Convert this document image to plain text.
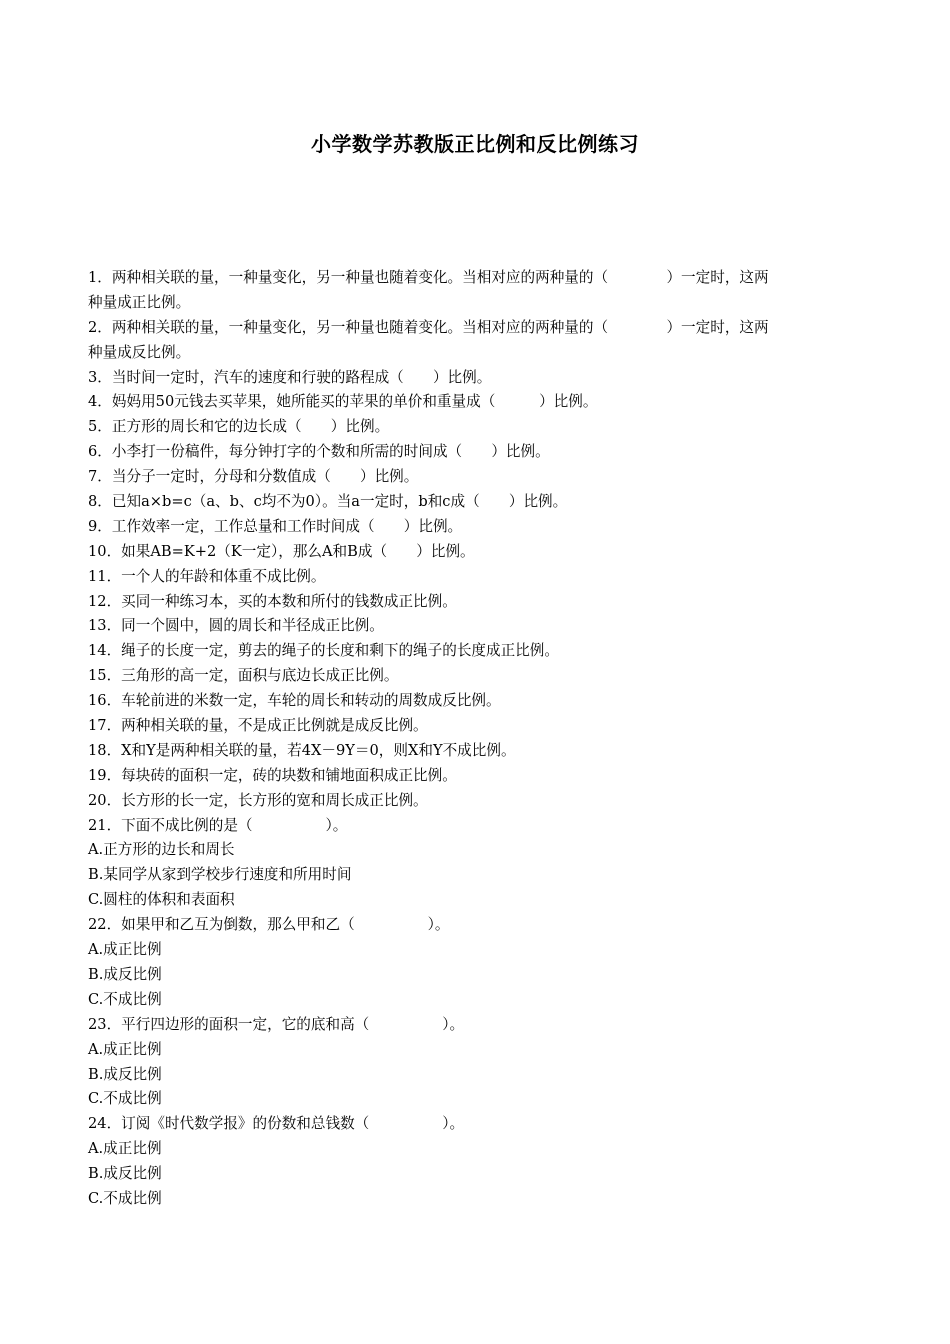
小学数学苏教版正比例和反比例练习
1．两种相关联的量，一种量变化，另一种量也随着变化。当相对应的两种量的（　　　　）一定时，这两
种量成正比例。
2．两种相关联的量，一种量变化，另一种量也随着变化。当相对应的两种量的（　　　　）一定时，这两
种量成反比例。
3．当时间一定时，汽车的速度和行驶的路程成（　　）比例。
4．妈妈用50元钱去买苹果，她所能买的苹果的单价和重量成（　　　）比例。
5．正方形的周长和它的边长成（　　）比例。
6．小李打一份稿件，每分钟打字的个数和所需的时间成（　　）比例。
7．当分子一定时，分母和分数值成（　　）比例。
8．已知a×b=c（a、b、c均不为0）。当a一定时，b和c成（　　）比例。
9．工作效率一定，工作总量和工作时间成（　　）比例。
10．如果AB=K+2（K一定），那么A和B成（　　）比例。
11．一个人的年龄和体重不成比例。
12．买同一种练习本，买的本数和所付的钱数成正比例。
13．同一个圆中，圆的周长和半径成正比例。
14．绳子的长度一定，剪去的绳子的长度和剩下的绳子的长度成正比例。
15．三角形的高一定，面积与底边长成正比例。
16．车轮前进的米数一定，车轮的周长和转动的周数成反比例。
17．两种相关联的量，不是成正比例就是成反比例。
18．X和Y是两种相关联的量，若4X－9Y＝0，则X和Y不成比例。
19．每块砖的面积一定，砖的块数和铺地面积成正比例。
20．长方形的长一定，长方形的宽和周长成正比例。
21．下面不成比例的是（　　　　　）。
A.正方形的边长和周长
B.某同学从家到学校步行速度和所用时间
C.圆柱的体积和表面积
22．如果甲和乙互为倒数，那么甲和乙（　　　　　）。
A.成正比例
B.成反比例
C.不成比例
23．平行四边形的面积一定，它的底和高（　　　　　）。
A.成正比例
B.成反比例
C.不成比例
24．订阅《时代数学报》的份数和总钱数（　　　　　）。
A.成正比例
B.成反比例
C.不成比例
